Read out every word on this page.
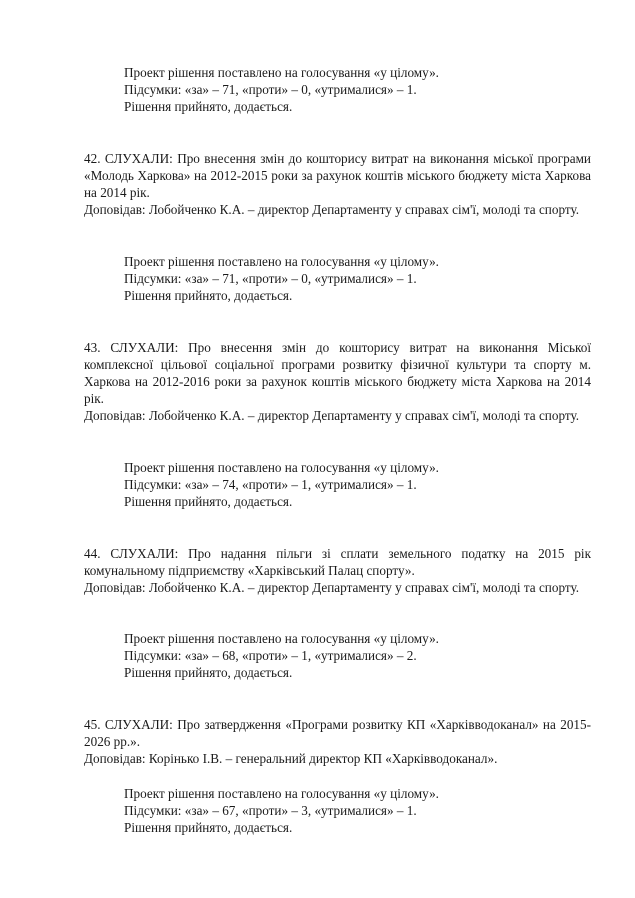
Проект рішення поставлено на голосування «у цілому».
Підсумки: «за» – 71, «проти» – 0, «утрималися» – 1.
Рішення прийнято, додається.
42. СЛУХАЛИ: Про внесення змін до кошторису витрат на виконання міської програми «Молодь Харкова» на 2012-2015 роки за рахунок коштів міського бюджету міста Харкова на 2014 рік.
Доповідав: Лобойченко К.А. – директор Департаменту у справах сім'ї, молоді та спорту.
Проект рішення поставлено на голосування «у цілому».
Підсумки: «за» – 71, «проти» – 0, «утрималися» – 1.
Рішення прийнято, додається.
43. СЛУХАЛИ: Про внесення змін до кошторису витрат на виконання Міської комплексної цільової соціальної програми розвитку фізичної культури та спорту м. Харкова на 2012-2016 роки за рахунок коштів міського бюджету міста Харкова на 2014 рік.
Доповідав: Лобойченко К.А. – директор Департаменту у справах сім'ї, молоді та спорту.
Проект рішення поставлено на голосування «у цілому».
Підсумки: «за» – 74, «проти» – 1, «утрималися» – 1.
Рішення прийнято, додається.
44. СЛУХАЛИ: Про надання пільги зі сплати земельного податку на 2015 рік комунальному підприємству «Харківський Палац спорту».
Доповідав: Лобойченко К.А. – директор Департаменту у справах сім'ї, молоді та спорту.
Проект рішення поставлено на голосування «у цілому».
Підсумки: «за» – 68, «проти» – 1, «утрималися» – 2.
Рішення прийнято, додається.
45. СЛУХАЛИ: Про затвердження «Програми розвитку КП «Харківводоканал» на 2015-2026 рр.».
Доповідав: Корінько І.В. – генеральний директор КП «Харківводоканал».
Проект рішення поставлено на голосування «у цілому».
Підсумки: «за» – 67, «проти» – 3, «утрималися» – 1.
Рішення прийнято, додається.
